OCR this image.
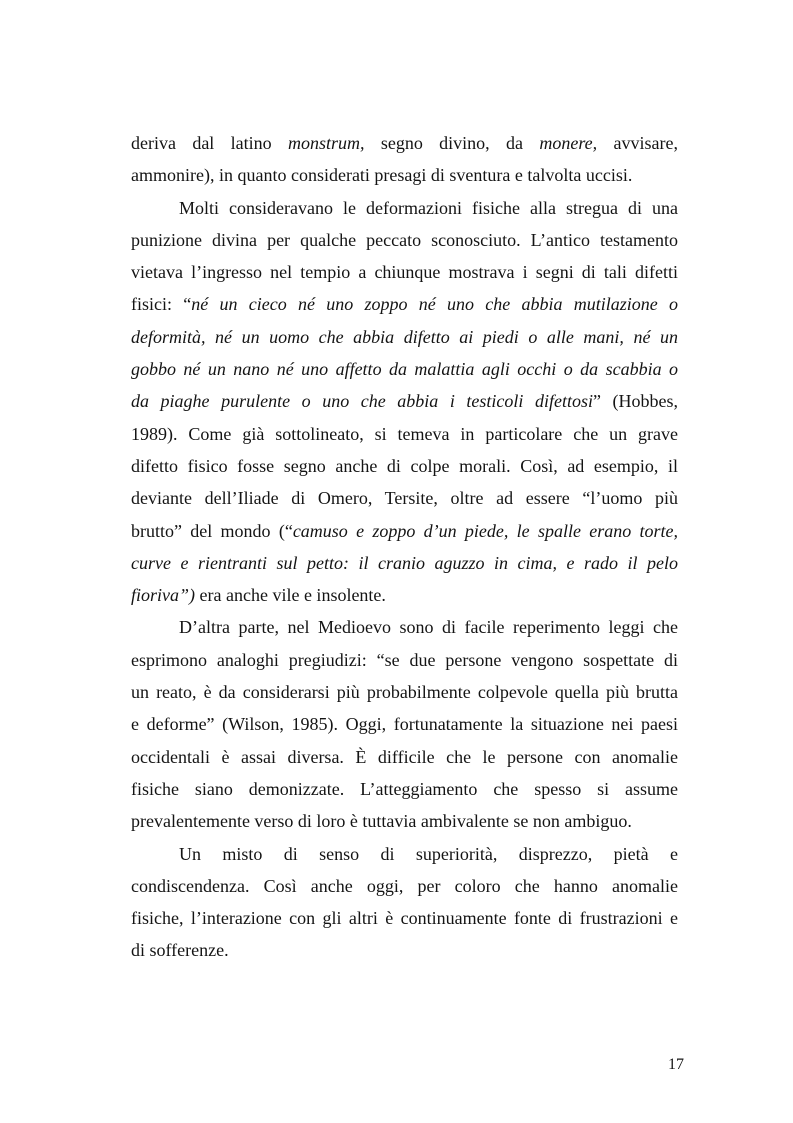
deriva dal latino monstrum, segno divino, da monere, avvisare,
ammonire), in quanto considerati presagi di sventura e talvolta uccisi.
Molti consideravano le deformazioni fisiche alla stregua di una
punizione divina per qualche peccato sconosciuto. L’antico testamento
vietava l’ingresso nel tempio a chiunque mostrava i segni di tali difetti
fisici: “né un cieco né uno zoppo né uno che abbia mutilazione o
deformità, né un uomo che abbia difetto ai piedi o alle mani, né un
gobbo né un nano né uno affetto da malattia agli occhi o da scabbia o
da piaghe purulente o uno che abbia i testicoli difettosi” (Hobbes,
1989). Come già sottolineato, si temeva in particolare che un grave
difetto fisico fosse segno anche di colpe morali. Così, ad esempio, il
deviante dell’Iliade di Omero, Tersite, oltre ad essere “l’uomo più
brutto” del mondo (“camuso e zoppo d’un piede, le spalle erano torte,
curve e rientranti sul petto: il cranio aguzzo in cima, e rado il pelo
fioriva”) era anche vile e insolente.
D’altra parte, nel Medioevo sono di facile reperimento leggi che
esprimono analoghi pregiudizi: “se due persone vengono sospettate di
un reato, è da considerarsi più probabilmente colpevole quella più brutta
e deforme” (Wilson, 1985). Oggi, fortunatamente la situazione nei paesi
occidentali è assai diversa. È difficile che le persone con anomalie
fisiche siano demonizzate. L’atteggiamento che spesso si assume
prevalentemente verso di loro è tuttavia ambivalente se non ambiguo.
Un misto di senso di superiorità, disprezzo, pietà e
condiscendenza. Così anche oggi, per coloro che hanno anomalie
fisiche, l’interazione con gli altri è continuamente fonte di frustrazioni e
di sofferenze.
17
